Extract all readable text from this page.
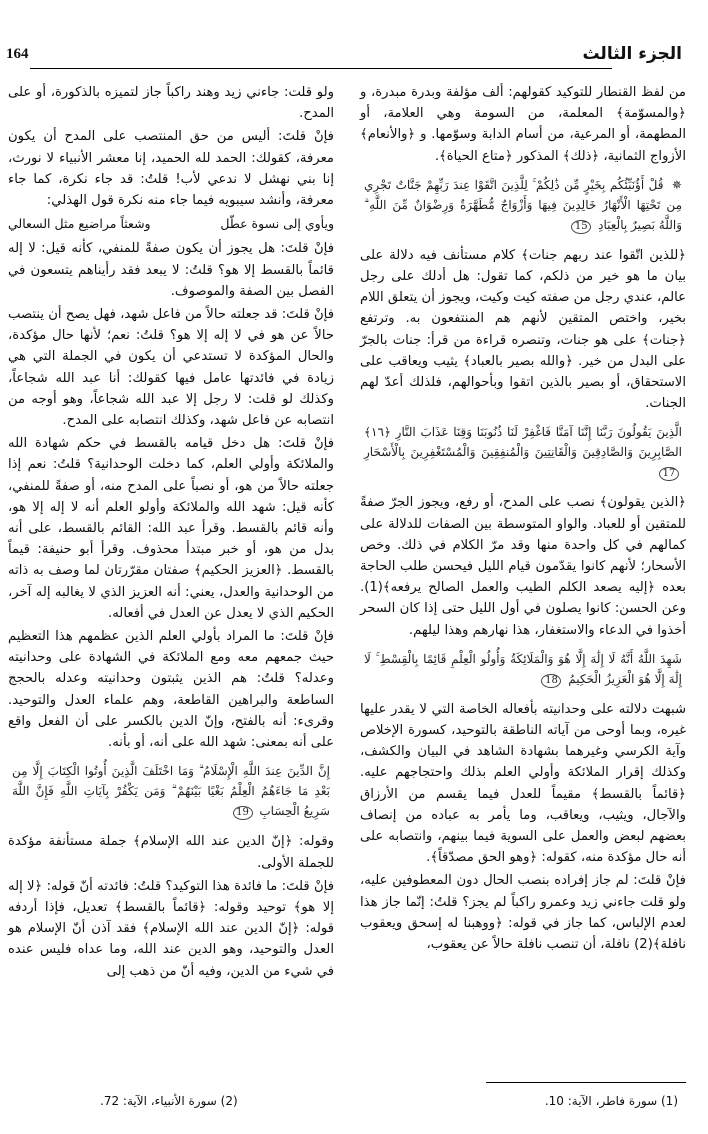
164	الجزء الثالث

من لفظ القنطار للتوكيد كقولهم: ألف مؤلفة وبدرة مبدرة، و ﴿والمسوّمة﴾ المعلمة، من السومة وهي العلامة، أو المطهمة، أو المرعية، من أسام الدابة وسوّمها. و ﴿والأنعام﴾ الأزواج الثمانية، ﴿ذلك﴾ المذكور ﴿متاع الحياة﴾.

✵ قُلْ أَؤُنَبِّئُكُم بِخَيْرٍ مِّن ذَٰلِكُمْ ۚ لِلَّذِينَ اتَّقَوْا عِندَ رَبِّهِمْ جَنَّاتٌ تَجْرِي مِن تَحْتِهَا الْأَنْهَارُ خَالِدِينَ فِيهَا وَأَزْوَاجٌ مُّطَهَّرَةٌ وَرِضْوَانٌ مِّنَ اللَّهِ ۗ وَاللَّهُ بَصِيرٌ بِالْعِبَادِ 15

﴿للذين اتّقوا عند ربهم جنات﴾ كلام مستأنف فيه دلالة على بيان ما هو خير من ذلكم، كما تقول: هل أدلك على رجل عالم، عندي رجل من صفته كيت وكيت، ويجوز أن يتعلق اللام بخير، واختص المتقين لأنهم هم المنتفعون به. وترتفع ﴿جنات﴾ على هو جنات، وتنصره قراءة من قرأ: جنات بالجرّ على البدل من خير. ﴿والله بصير بالعباد﴾ يثيب ويعاقب على الاستحقاق، أو بصير بالذين اتقوا وبأحوالهم، فلذلك أعدّ لهم الجنات.

الَّذِينَ يَقُولُونَ رَبَّنَا إِنَّنَا آمَنَّا فَاغْفِرْ لَنَا ذُنُوبَنَا وَقِنَا عَذَابَ النَّارِ ﴿١٦﴾ الصَّابِرِينَ وَالصَّادِقِينَ وَالْقَانِتِينَ وَالْمُنفِقِينَ وَالْمُسْتَغْفِرِينَ بِالْأَسْحَارِ 17

﴿الذين يقولون﴾ نصب على المدح، أو رفع، ويجوز الجرّ صفةً للمتقين أو للعباد. والواو المتوسطة بين الصفات للدلالة على كمالهم في كل واحدة منها وقد مرّ الكلام في ذلك. وخص الأسحار؛ لأنهم كانوا يقدّمون قيام الليل فيحسن طلب الحاجة بعده ﴿إليه يصعد الكلم الطيب والعمل الصالح يرفعه﴾(1). وعن الحسن: كانوا يصلون في أول الليل حتى إذا كان السحر أخذوا في الدعاء والاستغفار، هذا نهارهم وهذا ليلهم.

شَهِدَ اللَّهُ أَنَّهُ لَا إِلَٰهَ إِلَّا هُوَ وَالْمَلَائِكَةُ وَأُولُو الْعِلْمِ قَائِمًا بِالْقِسْطِ ۚ لَا إِلَٰهَ إِلَّا هُوَ الْعَزِيزُ الْحَكِيمُ 18

شبهت دلالته على وحدانيته بأفعاله الخاصة التي لا يقدر عليها غيره، وبما أوحى من آياته الناطقة بالتوحيد، كسورة الإخلاص وآية الكرسي وغيرهما بشهادة الشاهد في البيان والكشف، وكذلك إقرار الملائكة وأولي العلم بذلك واحتجاجهم عليه. ﴿قائماً بالقسط﴾ مقيماً للعدل فيما يقسم من الأرزاق والآجال، ويثيب، ويعاقب، وما يأمر به عباده من إنصاف بعضهم لبعض والعمل على السوية فيما بينهم، وانتصابه على أنه حال مؤكدة منه، كقوله: ﴿وهو الحق مصدّقاً﴾.

فإنْ قلتَ: لم جاز إفراده بنصب الحال دون المعطوفين عليه، ولو قلت جاءني زيد وعمرو راكباً لم يجز؟ قلتُ: إنّما جاز هذا لعدم الإلباس، كما جاز في قوله: ﴿ووهبنا له إسحق ويعقوب نافلة﴾(2) نافلة، أن تنصب نافلة حالاً عن يعقوب،

ولو قلت: جاءني زيد وهند راكباً جاز لتميزه بالذكورة، أو على المدح.

فإنْ قلتَ: أليس من حق المنتصب على المدح أن يكون معرفة، كقولك: الحمد لله الحميد، إنا معشر الأنبياء لا نورث، إنا بني نهشل لا ندعي لأب! قلتُ: قد جاء نكرة، كما جاء معرفة، وأنشد سيبويه فيما جاء منه نكرة قول الهذلي:

ويأوي إلى نسوة عطّل
وشعثاً مراضيع مثل السعالي

فإنْ قلتَ: هل يجوز أن يكون صفةً للمنفي، كأنه قيل: لا إله قائماً بالقسط إلا هو؟ قلتُ: لا يبعد فقد رأيناهم يتسعون في الفصل بين الصفة والموصوف.

فإنْ قلتَ: قد جعلته حالاً من فاعل شهد، فهل يصح أن ينتصب حالاً عن هو في لا إله إلا هو؟ قلتُ: نعم؛ لأنها حال مؤكدة، والحال المؤكدة لا تستدعي أن يكون في الجملة التي هي زيادة في فائدتها عامل فيها كقولك: أنا عبد الله شجاعاً، وكذلك لو قلت: لا رجل إلا عبد الله شجاعاً، وهو أوجه من انتصابه عن فاعل شهد، وكذلك انتصابه على المدح.

فإنْ قلتَ: هل دخل قيامه بالقسط في حكم شهادة الله والملائكة وأولي العلم، كما دخلت الوحدانية؟ قلتُ: نعم إذا جعلته حالاً من هو، أو نصباً على المدح منه، أو صفةً للمنفي، كأنه قيل: شهد الله والملائكة وأولو العلم أنه لا إله إلا هو، وأنه قائم بالقسط. وقرأ عبد الله: القائم بالقسط، على أنه بدل من هو، أو خبر مبتدأ محذوف. وقرأ أبو حنيفة: قيماً بالقسط. ﴿العزيز الحكيم﴾ صفتان مقرّرتان لما وصف به ذاته من الوحدانية والعدل، يعني: أنه العزيز الذي لا يغالبه إله آخر، الحكيم الذي لا يعدل عن العدل في أفعاله.

فإنْ قلتَ: ما المراد بأولي العلم الذين عظمهم هذا التعظيم حيث جمعهم معه ومع الملائكة في الشهادة على وحدانيته وعدله؟ قلتُ: هم الذين يثبتون وحدانيته وعدله بالحجج الساطعة والبراهين القاطعة، وهم علماء العدل والتوحيد. وقرىء: أنه بالفتح، وإنّ الدين بالكسر على أن الفعل واقع على أنه بمعنى: شهد الله على أنه، أو بأنه.

إِنَّ الدِّينَ عِندَ اللَّهِ الْإِسْلَامُ ۗ وَمَا اخْتَلَفَ الَّذِينَ أُوتُوا الْكِتَابَ إِلَّا مِن بَعْدِ مَا جَاءَهُمُ الْعِلْمُ بَغْيًا بَيْنَهُمْ ۗ وَمَن يَكْفُرْ بِآيَاتِ اللَّهِ فَإِنَّ اللَّهَ سَرِيعُ الْحِسَابِ 19

وقوله: ﴿إنّ الدين عند الله الإسلام﴾ جملة مستأنفة مؤكدة للجملة الأولى.

فإنْ قلتَ: ما فائدة هذا التوكيد؟ قلتُ: فائدته أنّ قوله: ﴿لا إله إلا هو﴾ توحيد وقوله: ﴿قائماً بالقسط﴾ تعديل، فإذا أردفه قوله: ﴿إنّ الدين عند الله الإسلام﴾ فقد آذن أنّ الإسلام هو العدل والتوحيد، وهو الدين عند الله، وما عداه فليس عنده في شيء من الدين، وفيه أنّ من ذهب إلى

(1) سورة فاطر، الآية: 10.
(2) سورة الأنبياء، الآية: 72.
